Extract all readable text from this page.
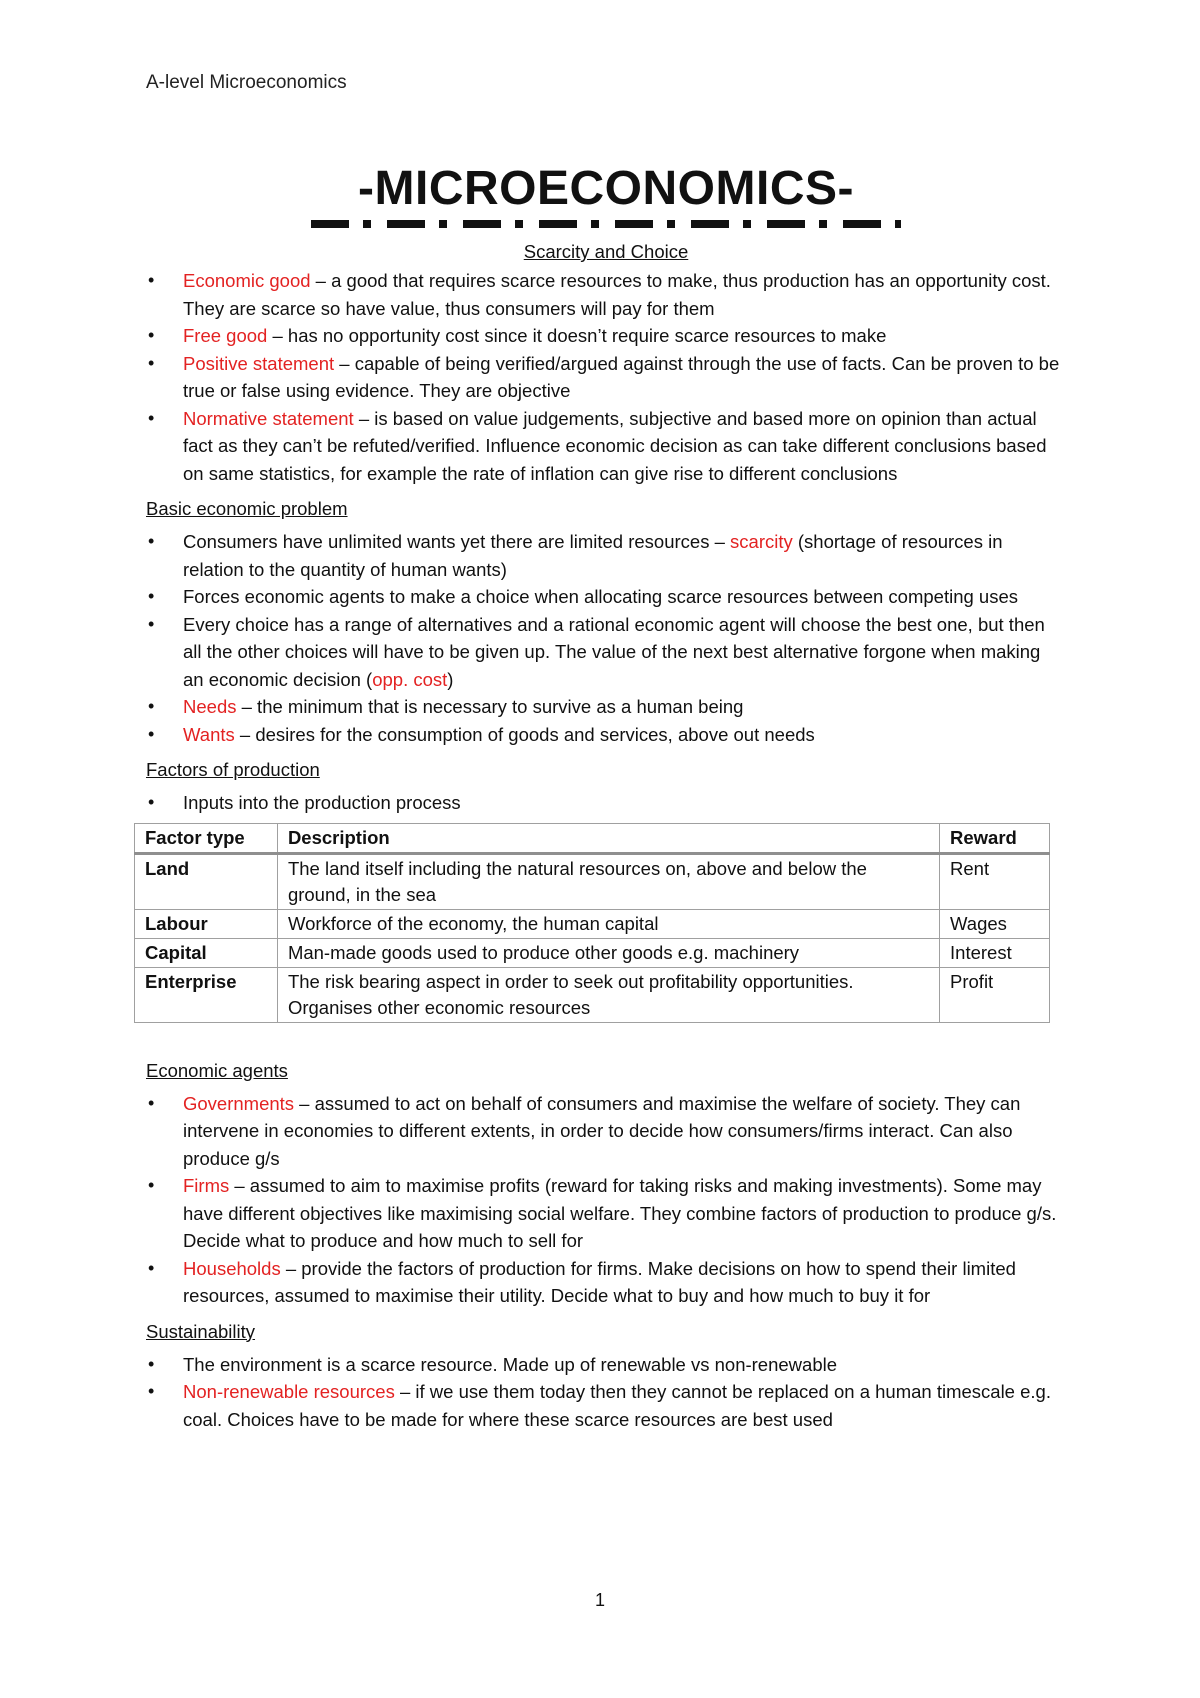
A-level Microeconomics
-MICROECONOMICS-
Scarcity and Choice
• Economic good – a good that requires scarce resources to make, thus production has an opportunity cost. They are scarce so have value, thus consumers will pay for them
• Free good – has no opportunity cost since it doesn’t require scarce resources to make
• Positive statement – capable of being verified/argued against through the use of facts. Can be proven to be true or false using evidence. They are objective
• Normative statement – is based on value judgements, subjective and based more on opinion than actual fact as they can’t be refuted/verified. Influence economic decision as can take different conclusions based on same statistics, for example the rate of inflation can give rise to different conclusions
Basic economic problem
• Consumers have unlimited wants yet there are limited resources – scarcity (shortage of resources in relation to the quantity of human wants)
• Forces economic agents to make a choice when allocating scarce resources between competing uses
• Every choice has a range of alternatives and a rational economic agent will choose the best one, but then all the other choices will have to be given up. The value of the next best alternative forgone when making an economic decision (opp. cost)
• Needs – the minimum that is necessary to survive as a human being
• Wants – desires for the consumption of goods and services, above out needs
Factors of production
• Inputs into the production process
Factor type	Description	Reward
Land	The land itself including the natural resources on, above and below the ground, in the sea	Rent
Labour	Workforce of the economy, the human capital	Wages
Capital	Man-made goods used to produce other goods e.g. machinery	Interest
Enterprise	The risk bearing aspect in order to seek out profitability opportunities. Organises other economic resources	Profit
Economic agents
• Governments – assumed to act on behalf of consumers and maximise the welfare of society. They can intervene in economies to different extents, in order to decide how consumers/firms interact. Can also produce g/s
• Firms – assumed to aim to maximise profits (reward for taking risks and making investments). Some may have different objectives like maximising social welfare. They combine factors of production to produce g/s. Decide what to produce and how much to sell for
• Households – provide the factors of production for firms. Make decisions on how to spend their limited resources, assumed to maximise their utility. Decide what to buy and how much to buy it for
Sustainability
• The environment is a scarce resource. Made up of renewable vs non-renewable
• Non-renewable resources – if we use them today then they cannot be replaced on a human timescale e.g. coal. Choices have to be made for where these scarce resources are best used
1
